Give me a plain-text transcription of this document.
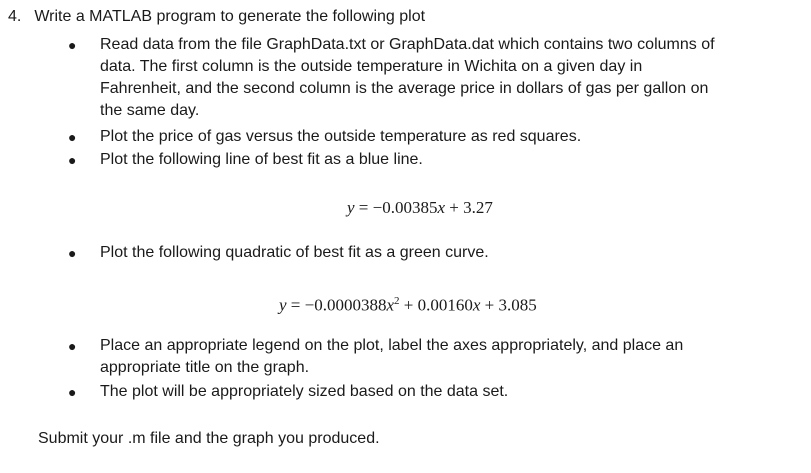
4. Write a MATLAB program to generate the following plot
●	Read data from the file GraphData.txt or GraphData.dat which contains two columns of
data. The first column is the outside temperature in Wichita on a given day in
Fahrenheit, and the second column is the average price in dollars of gas per gallon on
the same day.
●	Plot the price of gas versus the outside temperature as red squares.
●	Plot the following line of best fit as a blue line.
y = −0.00385x + 3.27
●	Plot the following quadratic of best fit as a green curve.
$y = -0.0000388x^2 + 0.00160x + 3.085$
●	Place an appropriate legend on the plot, label the axes appropriately, and place an
appropriate title on the graph.
●	The plot will be appropriately sized based on the data set.
Submit your .m file and the graph you produced.
